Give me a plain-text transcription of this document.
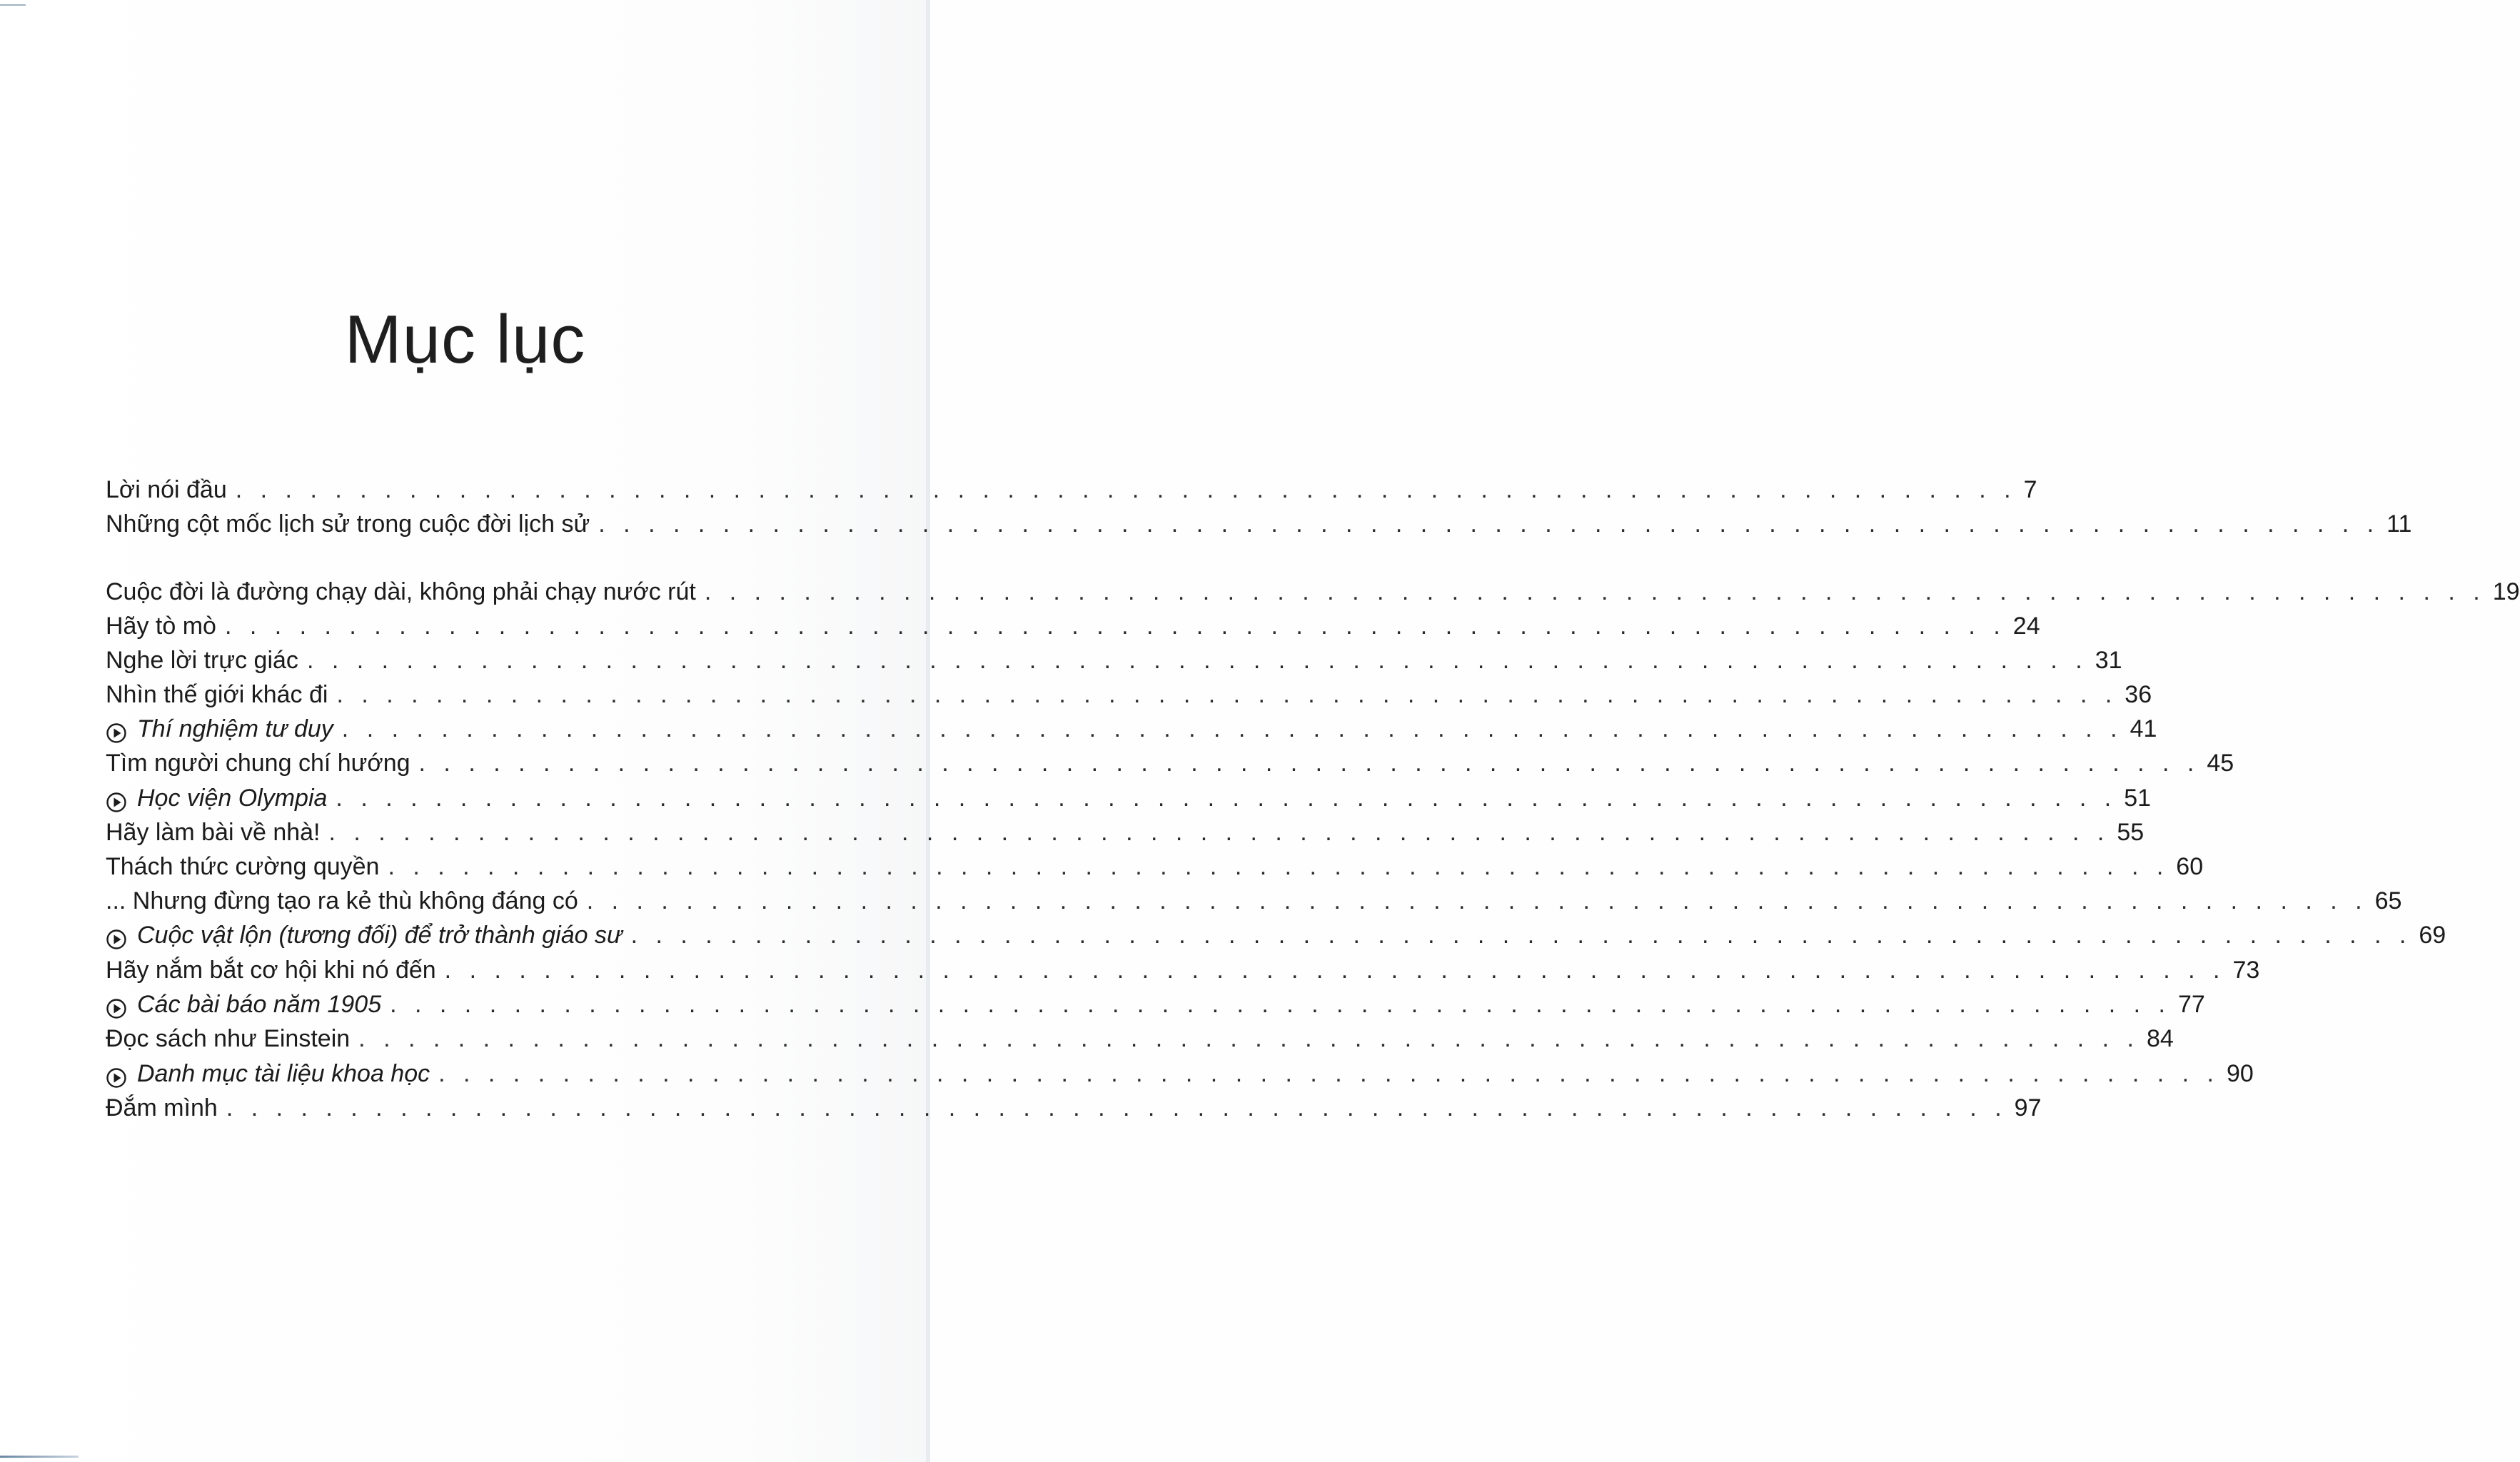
Mục lục
Lời nói đầu . . . . . . . . . . . . . . . . . . . . . . . . . . . . . . . . . . . . . . . . . . . . . . . . . . . . . . . . . . . . . . . . . . . . . . . . 7
Những cột mốc lịch sử trong cuộc đời lịch sử . . . . . . . . . . . . . . . . . . . . . . . . . . . . . . . . . . . . . . . . . . . . . . . . . . . . . . . . . . . . . . . . . . . . . . . . 11
Cuộc đời là đường chạy dài, không phải chạy nước rút . . . . . . . . . . . . . . . . . . . . . . . . . . . . . . . . . . . . . . . . . . . . . . . . . . . . . . . . . . . . . . . . . . . . . . . . 19
Hãy tò mò . . . . . . . . . . . . . . . . . . . . . . . . . . . . . . . . . . . . . . . . . . . . . . . . . . . . . . . . . . . . . . . . . . . . . . . . 24
Nghe lời trực giác . . . . . . . . . . . . . . . . . . . . . . . . . . . . . . . . . . . . . . . . . . . . . . . . . . . . . . . . . . . . . . . . . . . . . . . . 31
Nhìn thế giới khác đi . . . . . . . . . . . . . . . . . . . . . . . . . . . . . . . . . . . . . . . . . . . . . . . . . . . . . . . . . . . . . . . . . . . . . . . . 36
Thí nghiệm tư duy . . . . . . . . . . . . . . . . . . . . . . . . . . . . . . . . . . . . . . . . . . . . . . . . . . . . . . . . . . . . . . . . . . . . . . . . 41
Tìm người chung chí hướng . . . . . . . . . . . . . . . . . . . . . . . . . . . . . . . . . . . . . . . . . . . . . . . . . . . . . . . . . . . . . . . . . . . . . . . . 45
Học viện Olympia . . . . . . . . . . . . . . . . . . . . . . . . . . . . . . . . . . . . . . . . . . . . . . . . . . . . . . . . . . . . . . . . . . . . . . . . 51
Hãy làm bài về nhà! . . . . . . . . . . . . . . . . . . . . . . . . . . . . . . . . . . . . . . . . . . . . . . . . . . . . . . . . . . . . . . . . . . . . . . . . 55
Thách thức cường quyền . . . . . . . . . . . . . . . . . . . . . . . . . . . . . . . . . . . . . . . . . . . . . . . . . . . . . . . . . . . . . . . . . . . . . . . . 60
... Nhưng đừng tạo ra kẻ thù không đáng có . . . . . . . . . . . . . . . . . . . . . . . . . . . . . . . . . . . . . . . . . . . . . . . . . . . . . . . . . . . . . . . . . . . . . . . . 65
Cuộc vật lộn (tương đối) để trở thành giáo sư . . . . . . . . . . . . . . . . . . . . . . . . . . . . . . . . . . . . . . . . . . . . . . . . . . . . . . . . . . . . . . . . . . . . . . . . 69
Hãy nắm bắt cơ hội khi nó đến . . . . . . . . . . . . . . . . . . . . . . . . . . . . . . . . . . . . . . . . . . . . . . . . . . . . . . . . . . . . . . . . . . . . . . . . 73
Các bài báo năm 1905 . . . . . . . . . . . . . . . . . . . . . . . . . . . . . . . . . . . . . . . . . . . . . . . . . . . . . . . . . . . . . . . . . . . . . . . . 77
Đọc sách như Einstein . . . . . . . . . . . . . . . . . . . . . . . . . . . . . . . . . . . . . . . . . . . . . . . . . . . . . . . . . . . . . . . . . . . . . . . . 84
Danh mục tài liệu khoa học . . . . . . . . . . . . . . . . . . . . . . . . . . . . . . . . . . . . . . . . . . . . . . . . . . . . . . . . . . . . . . . . . . . . . . . . 90
Đắm mình . . . . . . . . . . . . . . . . . . . . . . . . . . . . . . . . . . . . . . . . . . . . . . . . . . . . . . . . . . . . . . . . . . . . . . . . 97
